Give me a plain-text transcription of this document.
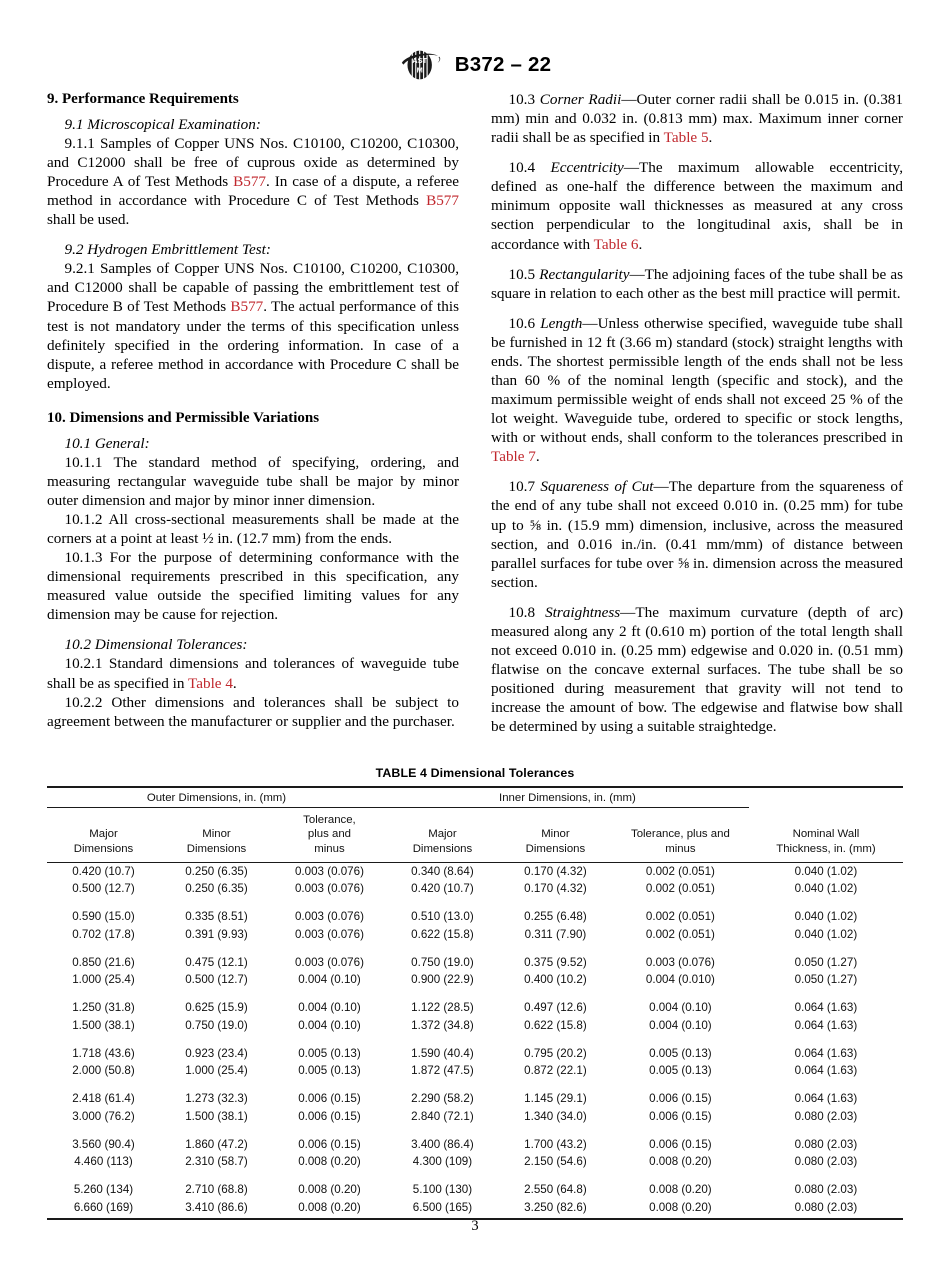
AST
M B372 – 22
9. Performance Requirements

9.1 Microscopical Examination:

9.1.1 Samples of Copper UNS Nos. C10100, C10200, C10300, and C12000 shall be free of cuprous oxide as determined by Procedure A of Test Methods B577. In case of a dispute, a referee method in accordance with Procedure C of Test Methods B577 shall be used.

9.2 Hydrogen Embrittlement Test:

9.2.1 Samples of Copper UNS Nos. C10100, C10200, C10300, and C12000 shall be capable of passing the embrittlement test of Procedure B of Test Methods B577. The actual performance of this test is not mandatory under the terms of this specification unless definitely specified in the ordering information. In case of a dispute, a referee method in accordance with Procedure C shall be employed.

10. Dimensions and Permissible Variations

10.1 General:

10.1.1 The standard method of specifying, ordering, and measuring rectangular waveguide tube shall be major by minor outer dimension and major by minor inner dimension.

10.1.2 All cross-sectional measurements shall be made at the corners at a point at least ½ in. (12.7 mm) from the ends.

10.1.3 For the purpose of determining conformance with the dimensional requirements prescribed in this specification, any measured value outside the specified limiting values for any dimension may be cause for rejection.

10.2 Dimensional Tolerances:

10.2.1 Standard dimensions and tolerances of waveguide tube shall be as specified in Table 4.

10.2.2 Other dimensions and tolerances shall be subject to agreement between the manufacturer or supplier and the purchaser.

10.3 Corner Radii—Outer corner radii shall be 0.015 in. (0.381 mm) min and 0.032 in. (0.813 mm) max. Maximum inner corner radii shall be as specified in Table 5.

10.4 Eccentricity—The maximum allowable eccentricity, defined as one-half the difference between the maximum and minimum opposite wall thicknesses as measured at any cross section perpendicular to the longitudinal axis, shall be in accordance with Table 6.

10.5 Rectangularity—The adjoining faces of the tube shall be as square in relation to each other as the best mill practice will permit.

10.6 Length—Unless otherwise specified, waveguide tube shall be furnished in 12 ft (3.66 m) standard (stock) straight lengths with ends. The shortest permissible length of the ends shall not be less than 60 % of the nominal length (specific and stock), and the maximum permissible weight of ends shall not exceed 25 % of the lot weight. Waveguide tube, ordered to specific or stock lengths, with or without ends, shall conform to the tolerances prescribed in Table 7.

10.7 Squareness of Cut—The departure from the squareness of the end of any tube shall not exceed 0.010 in. (0.25 mm) for tube up to ⅝ in. (15.9 mm) dimension, inclusive, across the measured section, and 0.016 in./in. (0.41 mm/mm) of distance between parallel surfaces for tube over ⅝ in. dimension across the measured section.

10.8 Straightness—The maximum curvature (depth of arc) measured along any 2 ft (0.610 m) portion of the total length shall not exceed 0.010 in. (0.25 mm) edgewise and 0.020 in. (0.51 mm) flatwise on the concave external surfaces. The tube shall be so positioned during measurement that gravity will not tend to increase the amount of bow. The edgewise and flatwise bow shall be determined by using a suitable straightedge.

TABLE 4 Dimensional Tolerances
Outer Dimensions, in. (mm)			Inner Dimensions, in. (mm)			

Major
Dimensions

Minor
Dimensions

Tolerance,
plus and
minus

Major
Dimensions

Minor
Dimensions

Tolerance, plus and
minus

Nominal Wall
Thickness, in. (mm)

0.420 (10.7)	0.250 (6.35)	0.003 (0.076)	0.340 (8.64)	0.170 (4.32)	0.002 (0.051)	0.040 (1.02)
0.500 (12.7)	0.250 (6.35)	0.003 (0.076)	0.420 (10.7)	0.170 (4.32)	0.002 (0.051)	0.040 (1.02)

0.590 (15.0)	0.335 (8.51)	0.003 (0.076)	0.510 (13.0)	0.255 (6.48)	0.002 (0.051)	0.040 (1.02)
0.702 (17.8)	0.391 (9.93)	0.003 (0.076)	0.622 (15.8)	0.311 (7.90)	0.002 (0.051)	0.040 (1.02)

0.850 (21.6)	0.475 (12.1)	0.003 (0.076)	0.750 (19.0)	0.375 (9.52)	0.003 (0.076)	0.050 (1.27)
1.000 (25.4)	0.500 (12.7)	0.004 (0.10)	0.900 (22.9)	0.400 (10.2)	0.004 (0.010)	0.050 (1.27)

1.250 (31.8)	0.625 (15.9)	0.004 (0.10)	1.122 (28.5)	0.497 (12.6)	0.004 (0.10)	0.064 (1.63)
1.500 (38.1)	0.750 (19.0)	0.004 (0.10)	1.372 (34.8)	0.622 (15.8)	0.004 (0.10)	0.064 (1.63)

1.718 (43.6)	0.923 (23.4)	0.005 (0.13)	1.590 (40.4)	0.795 (20.2)	0.005 (0.13)	0.064 (1.63)
2.000 (50.8)	1.000 (25.4)	0.005 (0.13)	1.872 (47.5)	0.872 (22.1)	0.005 (0.13)	0.064 (1.63)

2.418 (61.4)	1.273 (32.3)	0.006 (0.15)	2.290 (58.2)	1.145 (29.1)	0.006 (0.15)	0.064 (1.63)
3.000 (76.2)	1.500 (38.1)	0.006 (0.15)	2.840 (72.1)	1.340 (34.0)	0.006 (0.15)	0.080 (2.03)

3.560 (90.4)	1.860 (47.2)	0.006 (0.15)	3.400 (86.4)	1.700 (43.2)	0.006 (0.15)	0.080 (2.03)
4.460 (113)	2.310 (58.7)	0.008 (0.20)	4.300 (109)	2.150 (54.6)	0.008 (0.20)	0.080 (2.03)

5.260 (134)	2.710 (68.8)	0.008 (0.20)	5.100 (130)	2.550 (64.8)	0.008 (0.20)	0.080 (2.03)
6.660 (169)	3.410 (86.6)	0.008 (0.20)	6.500 (165)	3.250 (82.6)	0.008 (0.20)	0.080 (2.03)
3
